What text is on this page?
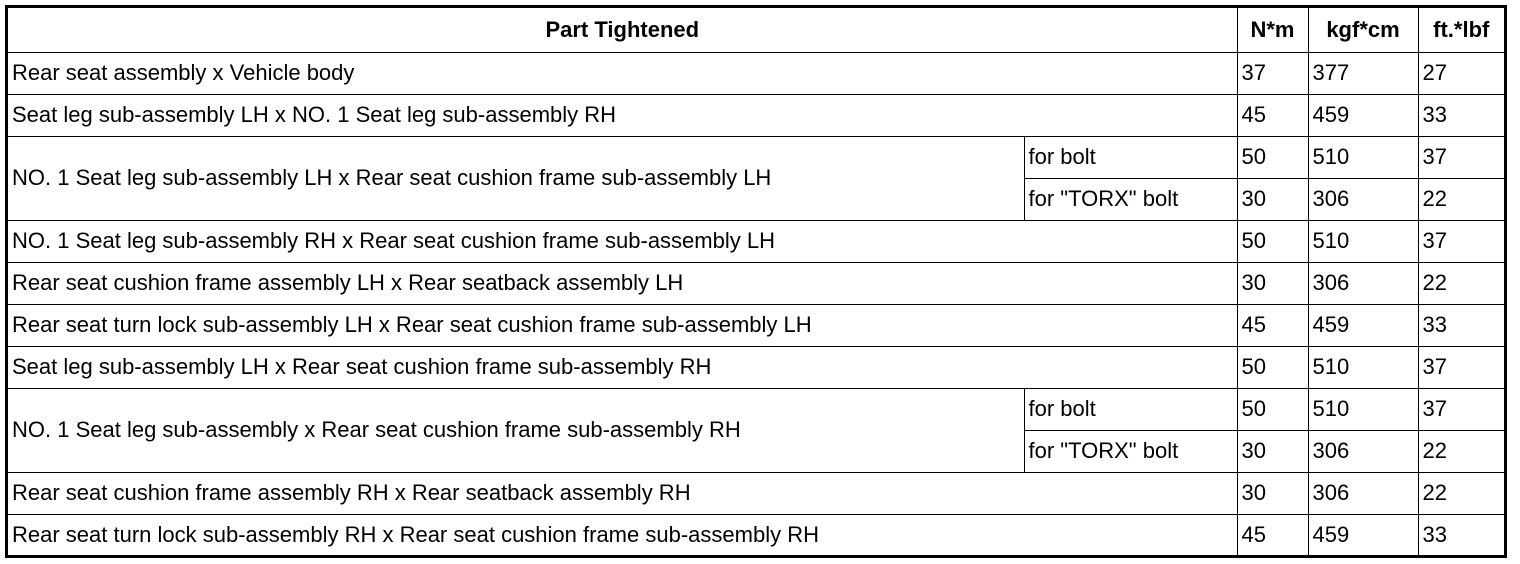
Part Tightened		N*m	kgf*cm	ft.*lbf
Rear seat assembly x Vehicle body		37	377	27
Seat leg sub-assembly LH x NO. 1 Seat leg sub-assembly RH		45	459	33
NO. 1 Seat leg sub-assembly LH x Rear seat cushion frame sub-assembly LH	for bolt	50	510	37
	for "TORX" bolt	30	306	22
NO. 1 Seat leg sub-assembly RH x Rear seat cushion frame sub-assembly LH		50	510	37
Rear seat cushion frame assembly LH x Rear seatback assembly LH		30	306	22
Rear seat turn lock sub-assembly LH x Rear seat cushion frame sub-assembly LH		45	459	33
Seat leg sub-assembly LH x Rear seat cushion frame sub-assembly RH		50	510	37
NO. 1 Seat leg sub-assembly x Rear seat cushion frame sub-assembly RH	for bolt	50	510	37
	for "TORX" bolt	30	306	22
Rear seat cushion frame assembly RH x Rear seatback assembly RH		30	306	22
Rear seat turn lock sub-assembly RH x Rear seat cushion frame sub-assembly RH		45	459	33
